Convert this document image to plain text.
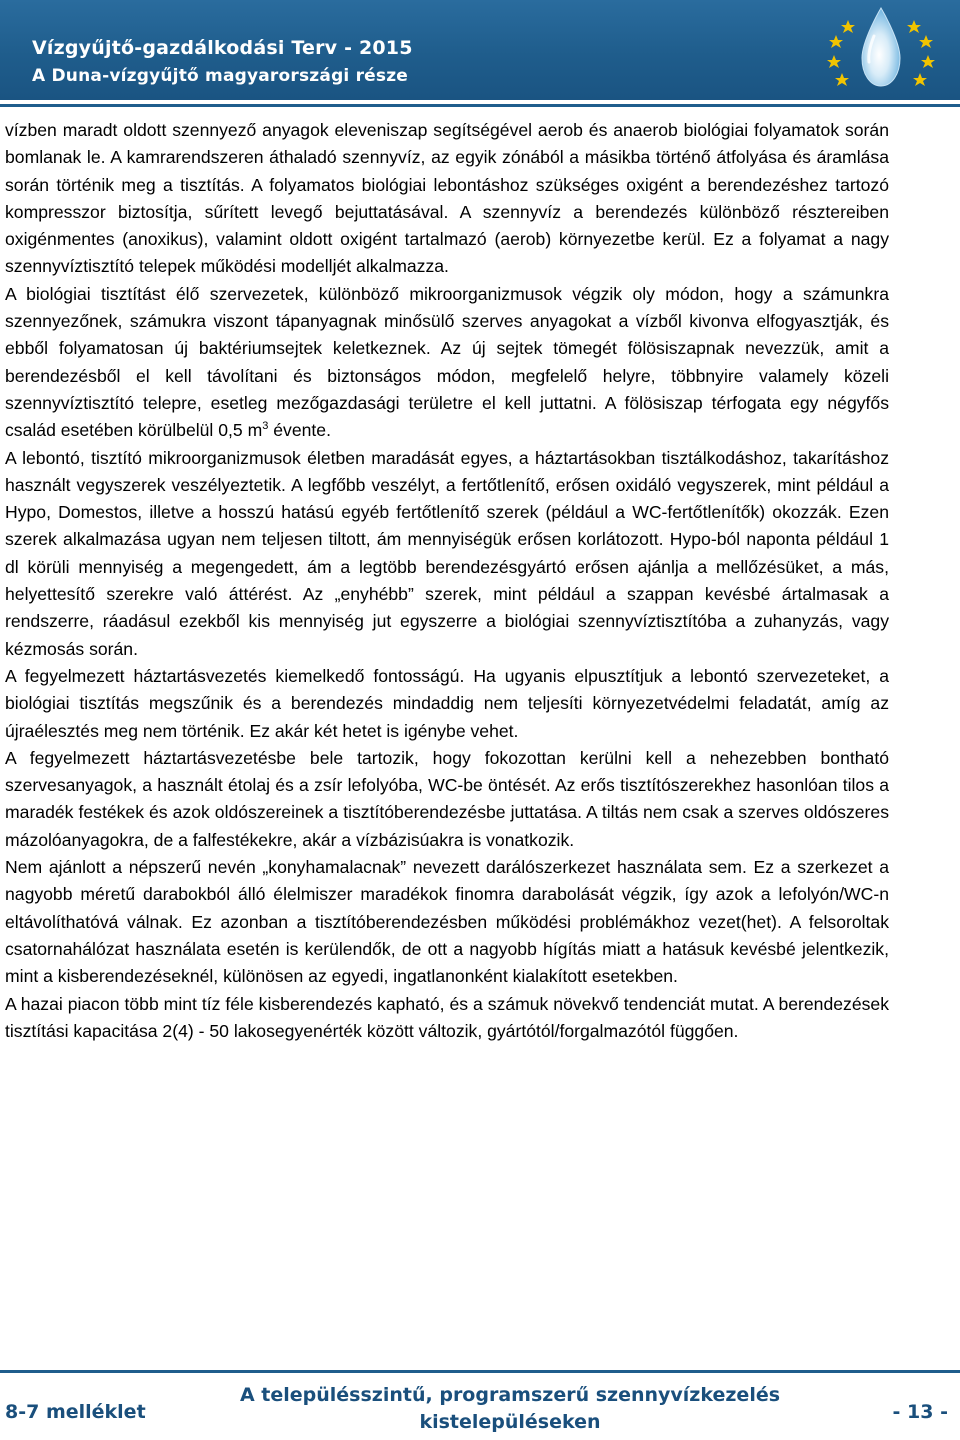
Vízgyűjtő-gazdálkodási Terv - 2015
A Duna-vízgyűjtő magyarországi része

vízben maradt oldott szennyező anyagok eleveniszap segítségével aerob és anaerob biológiai folyamatok során bomlanak le. A kamrarendszeren áthaladó szennyvíz, az egyik zónából a másikba történő átfolyása és áramlása során történik meg a tisztítás. A folyamatos biológiai lebontáshoz szükséges oxigént a berendezéshez tartozó kompresszor biztosítja, sűrített levegő bejuttatásával. A szennyvíz a berendezés különböző résztereiben oxigénmentes (anoxikus), valamint oldott oxigént tartalmazó (aerob) környezetbe kerül. Ez a folyamat a nagy szennyvíztisztító telepek működési modelljét alkalmazza.

A biológiai tisztítást élő szervezetek, különböző mikroorganizmusok végzik oly módon, hogy a számunkra szennyezőnek, számukra viszont tápanyagnak minősülő szerves anyagokat a vízből kivonva elfogyasztják, és ebből folyamatosan új baktériumsejtek keletkeznek. Az új sejtek tömegét fölösiszapnak nevezzük, amit a berendezésből el kell távolítani és biztonságos módon, megfelelő helyre, többnyire valamely közeli szennyvíztisztító telepre, esetleg mezőgazdasági területre el kell juttatni. A fölösiszap térfogata egy négyfős család esetében körülbelül 0,5 $m^3$ évente.

A lebontó, tisztító mikroorganizmusok életben maradását egyes, a háztartásokban tisztálkodáshoz, takarításhoz használt vegyszerek veszélyeztetik. A legfőbb veszélyt, a fertőtlenítő, erősen oxidáló vegyszerek, mint például a Hypo, Domestos, illetve a hosszú hatású egyéb fertőtlenítő szerek (például a WC-fertőtlenítők) okozzák. Ezen szerek alkalmazása ugyan nem teljesen tiltott, ám mennyiségük erősen korlátozott. Hypo-ból naponta például 1 dl körüli mennyiség a megengedett, ám a legtöbb berendezésgyártó erősen ajánlja a mellőzésüket, a más, helyettesítő szerekre való áttérést. Az „enyhébb” szerek, mint például a szappan kevésbé ártalmasak a rendszerre, ráadásul ezekből kis mennyiség jut egyszerre a biológiai szennyvíztisztítóba a zuhanyzás, vagy kézmosás során.

A fegyelmezett háztartásvezetés kiemelkedő fontosságú. Ha ugyanis elpusztítjuk a lebontó szervezeteket, a biológiai tisztítás megszűnik és a berendezés mindaddig nem teljesíti környezetvédelmi feladatát, amíg az újraélesztés meg nem történik. Ez akár két hetet is igénybe vehet.

A fegyelmezett háztartásvezetésbe bele tartozik, hogy fokozottan kerülni kell a nehezebben bontható szervesanyagok, a használt étolaj és a zsír lefolyóba, WC-be öntését. Az erős tisztítószerekhez hasonlóan tilos a maradék festékek és azok oldószereinek a tisztítóberendezésbe juttatása. A tiltás nem csak a szerves oldószeres mázolóanyagokra, de a falfestékekre, akár a vízbázisúakra is vonatkozik.

Nem ajánlott a népszerű nevén „konyhamalacnak” nevezett darálószerkezet használata sem. Ez a szerkezet a nagyobb méretű darabokból álló élelmiszer maradékok finomra darabolását végzik, így azok a lefolyón/WC-n eltávolíthatóvá válnak. Ez azonban a tisztítóberendezésben működési problémákhoz vezet(het). A felsoroltak csatornahálózat használata esetén is kerülendők, de ott a nagyobb hígítás miatt a hatásuk kevésbé jelentkezik, mint a kisberendezéseknél, különösen az egyedi, ingatlanonként kialakított esetekben.

A hazai piacon több mint tíz féle kisberendezés kapható, és a számuk növekvő tendenciát mutat. A berendezések tisztítási kapacitása 2(4) - 50 lakosegyenérték között változik, gyártótól/forgalmazótól függően.

8-7 melléklet
A településszintű, programszerű szennyvízkezelés
kistelepüléseken	- 13 -
